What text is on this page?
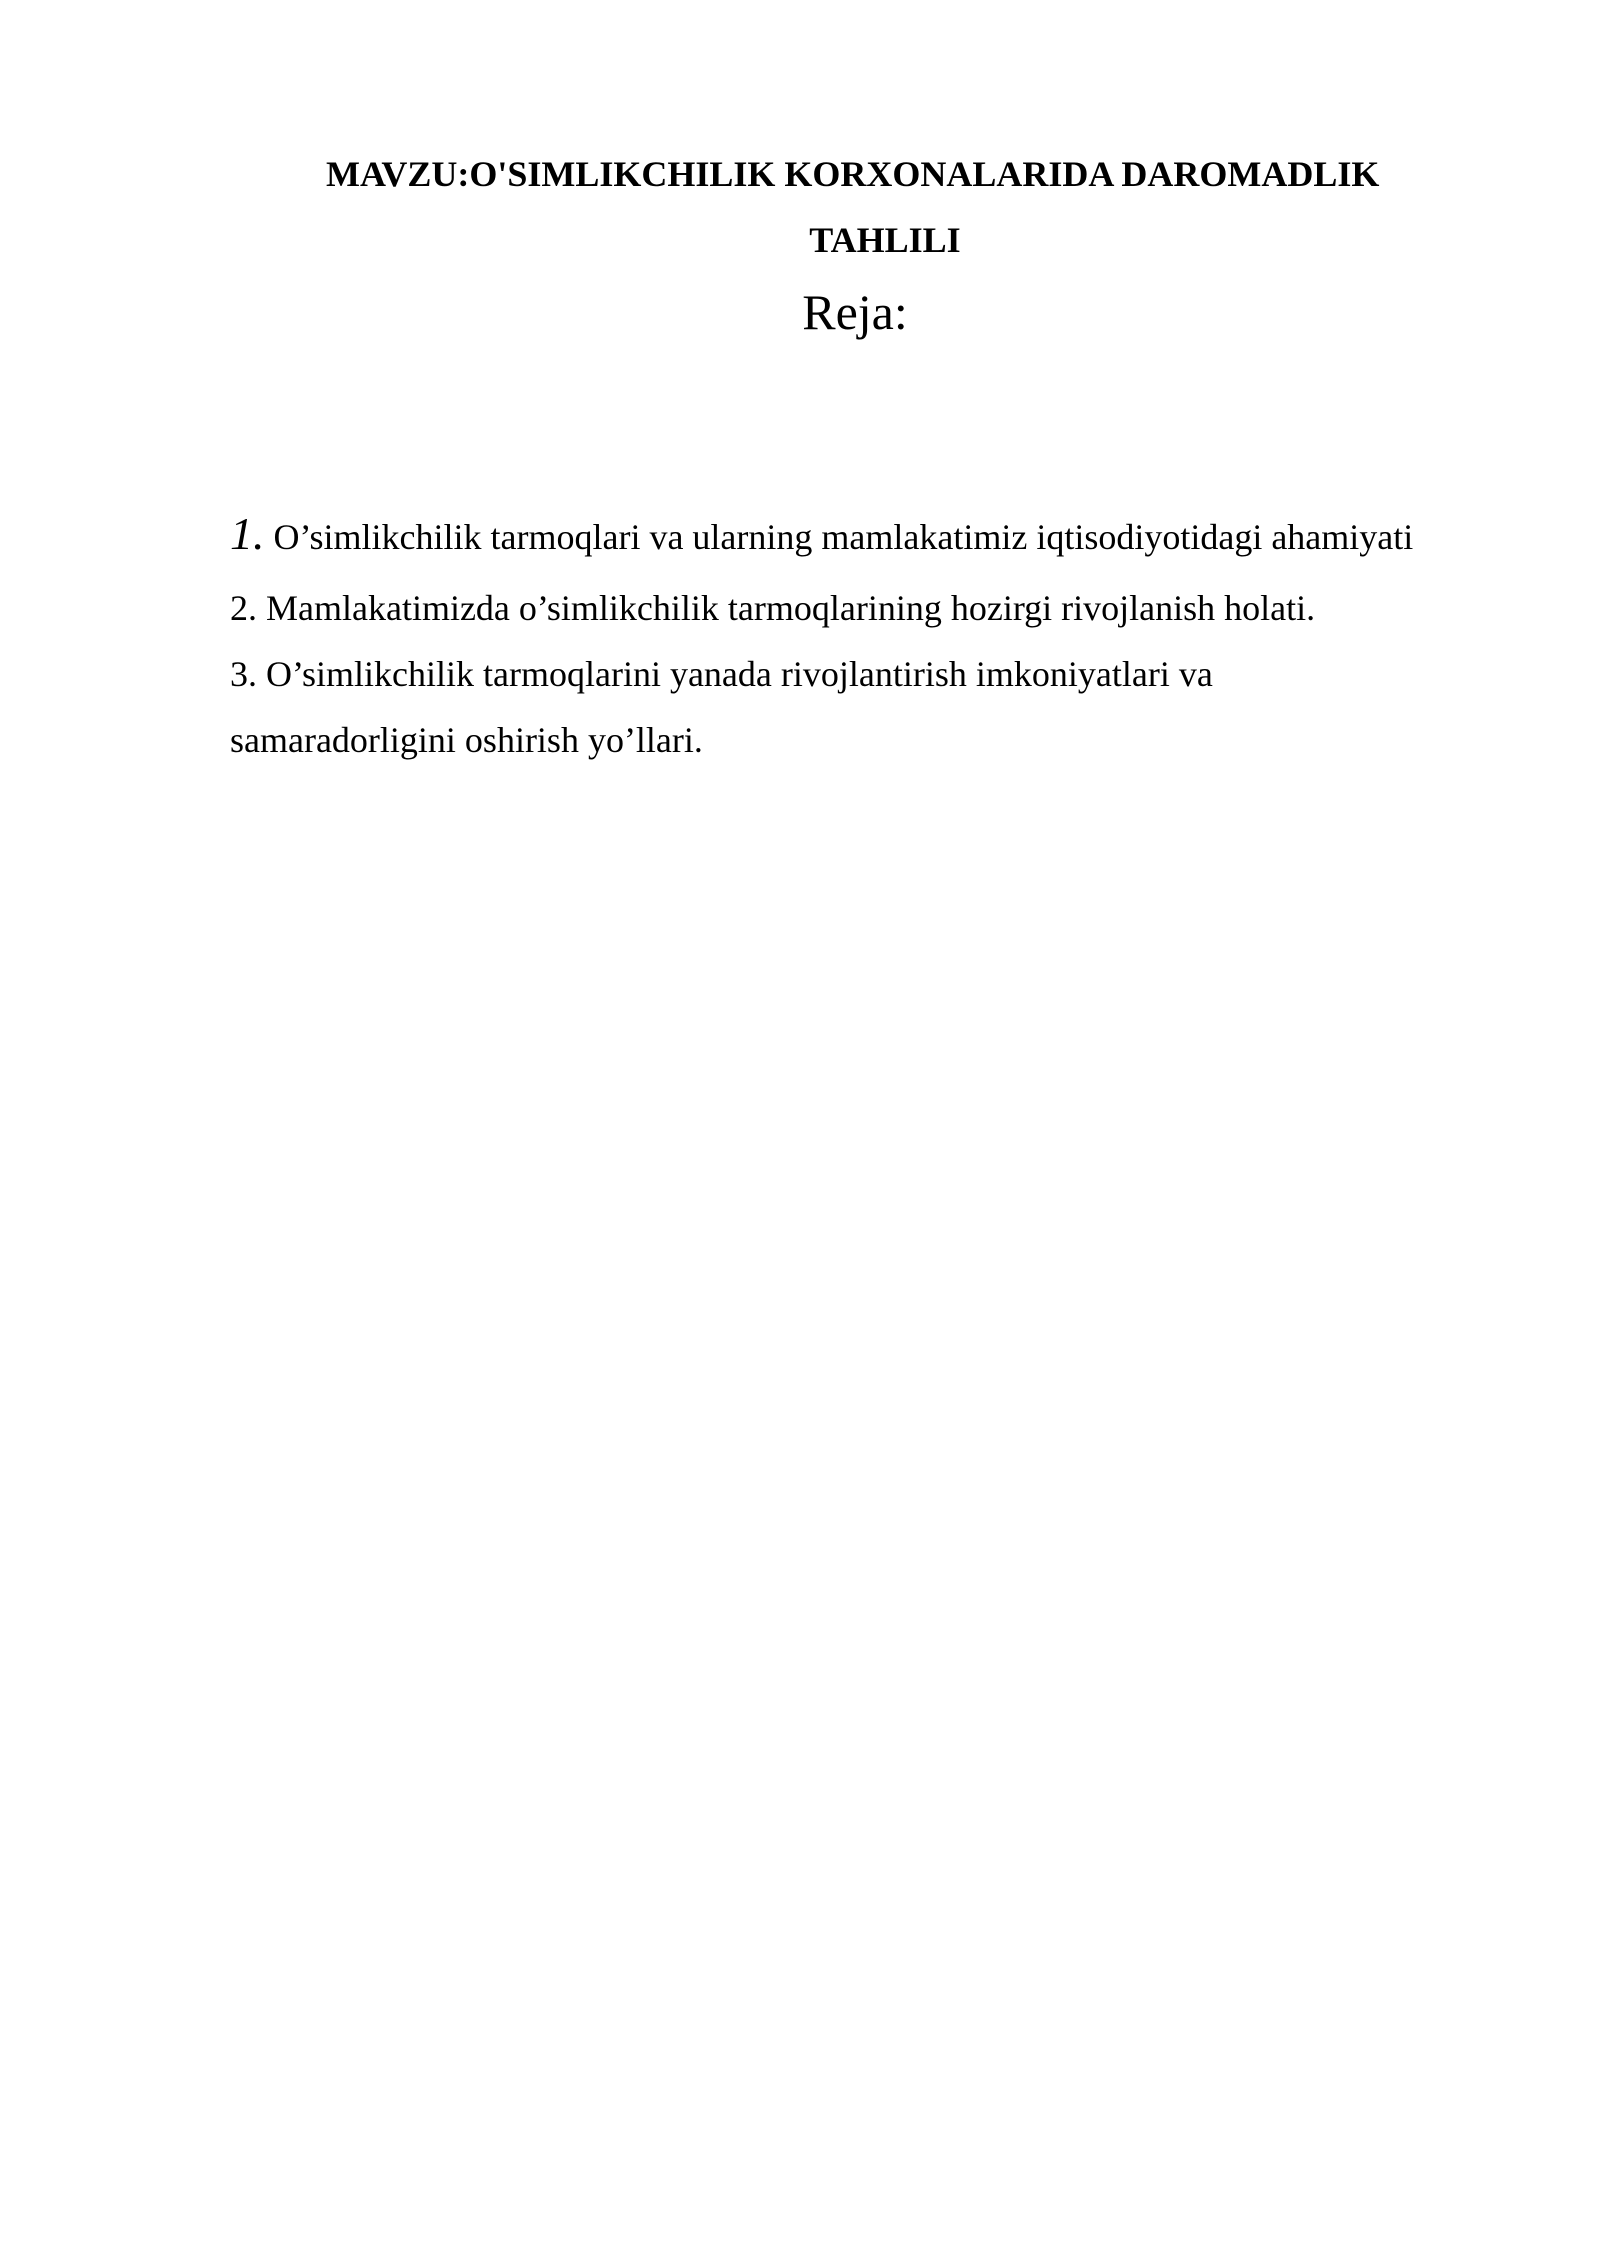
MAVZU:O'SIMLIKCHILIK KORXONALARIDA DAROMADLIK
TAHLILI
Reja:
1. O’simlikchilik tarmoqlari va ularning mamlakatimiz iqtisodiyotidagi ahamiyati
2. Mamlakatimizda o’simlikchilik tarmoqlarining hozirgi rivojlanish holati.
3. O’simlikchilik tarmoqlarini yanada rivojlantirish imkoniyatlari va
samaradorligini oshirish yo’llari.
